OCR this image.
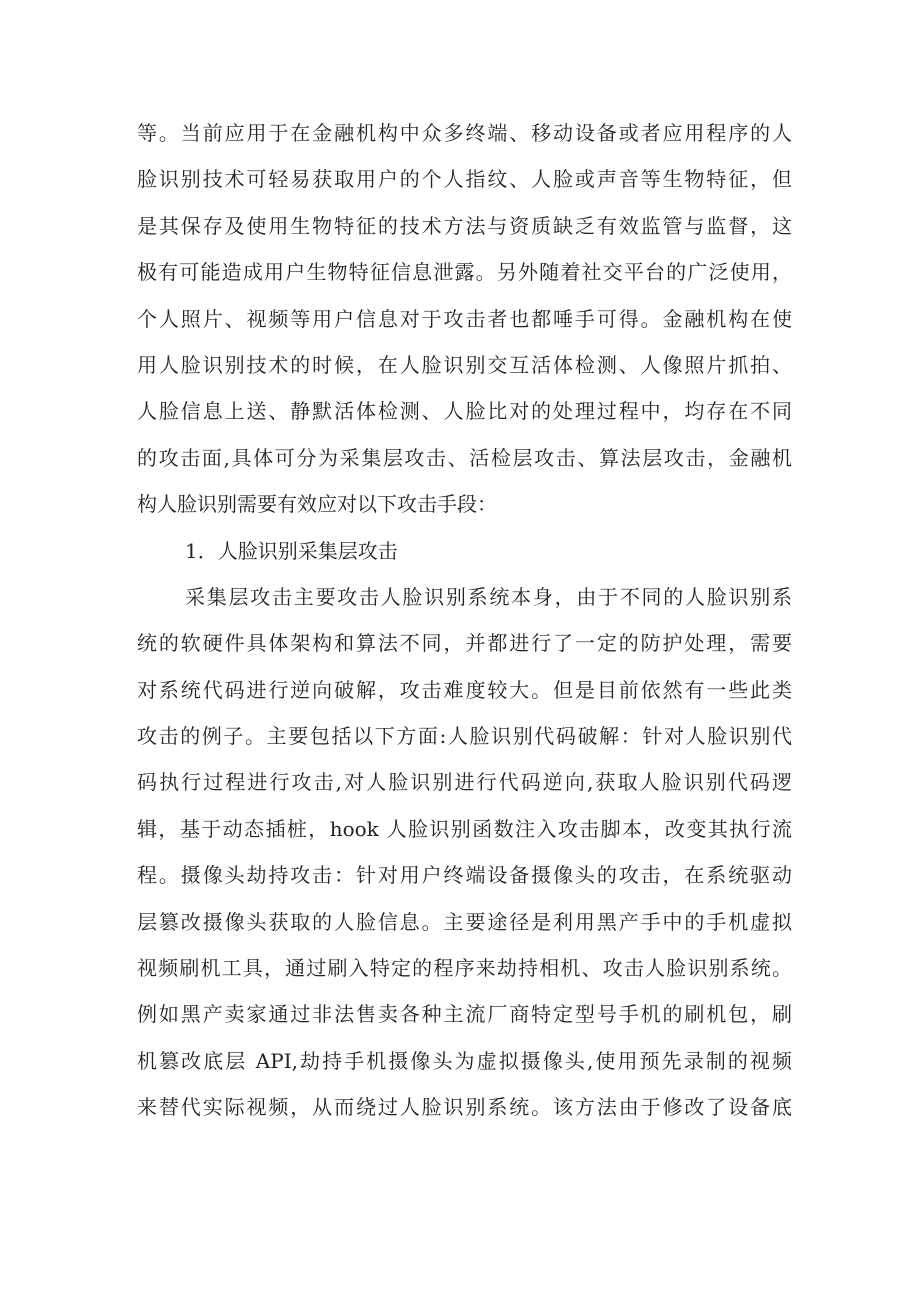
等。当前应用于在金融机构中众多终端、移动设备或者应用程序的人
脸识别技术可轻易获取用户的个人指纹、人脸或声音等生物特征，但
是其保存及使用生物特征的技术方法与资质缺乏有效监管与监督，这
极有可能造成用户生物特征信息泄露。另外随着社交平台的广泛使用，
个人照片、视频等用户信息对于攻击者也都唾手可得。金融机构在使
用人脸识别技术的时候，在人脸识别交互活体检测、人像照片抓拍、
人脸信息上送、静默活体检测、人脸比对的处理过程中，均存在不同
的攻击面,具体可分为采集层攻击、活检层攻击、算法层攻击，金融机
构人脸识别需要有效应对以下攻击手段：
1．人脸识别采集层攻击
采集层攻击主要攻击人脸识别系统本身，由于不同的人脸识别系
统的软硬件具体架构和算法不同，并都进行了一定的防护处理，需要
对系统代码进行逆向破解，攻击难度较大。但是目前依然有一些此类
攻击的例子。主要包括以下方面:人脸识别代码破解：针对人脸识别代
码执行过程进行攻击,对人脸识别进行代码逆向,获取人脸识别代码逻
辑，基于动态插桩，hook 人脸识别函数注入攻击脚本，改变其执行流
程。摄像头劫持攻击：针对用户终端设备摄像头的攻击，在系统驱动
层篡改摄像头获取的人脸信息。主要途径是利用黑产手中的手机虚拟
视频刷机工具，通过刷入特定的程序来劫持相机、攻击人脸识别系统。
例如黑产卖家通过非法售卖各种主流厂商特定型号手机的刷机包，刷
机篡改底层 API,劫持手机摄像头为虚拟摄像头,使用预先录制的视频
来替代实际视频，从而绕过人脸识别系统。该方法由于修改了设备底
